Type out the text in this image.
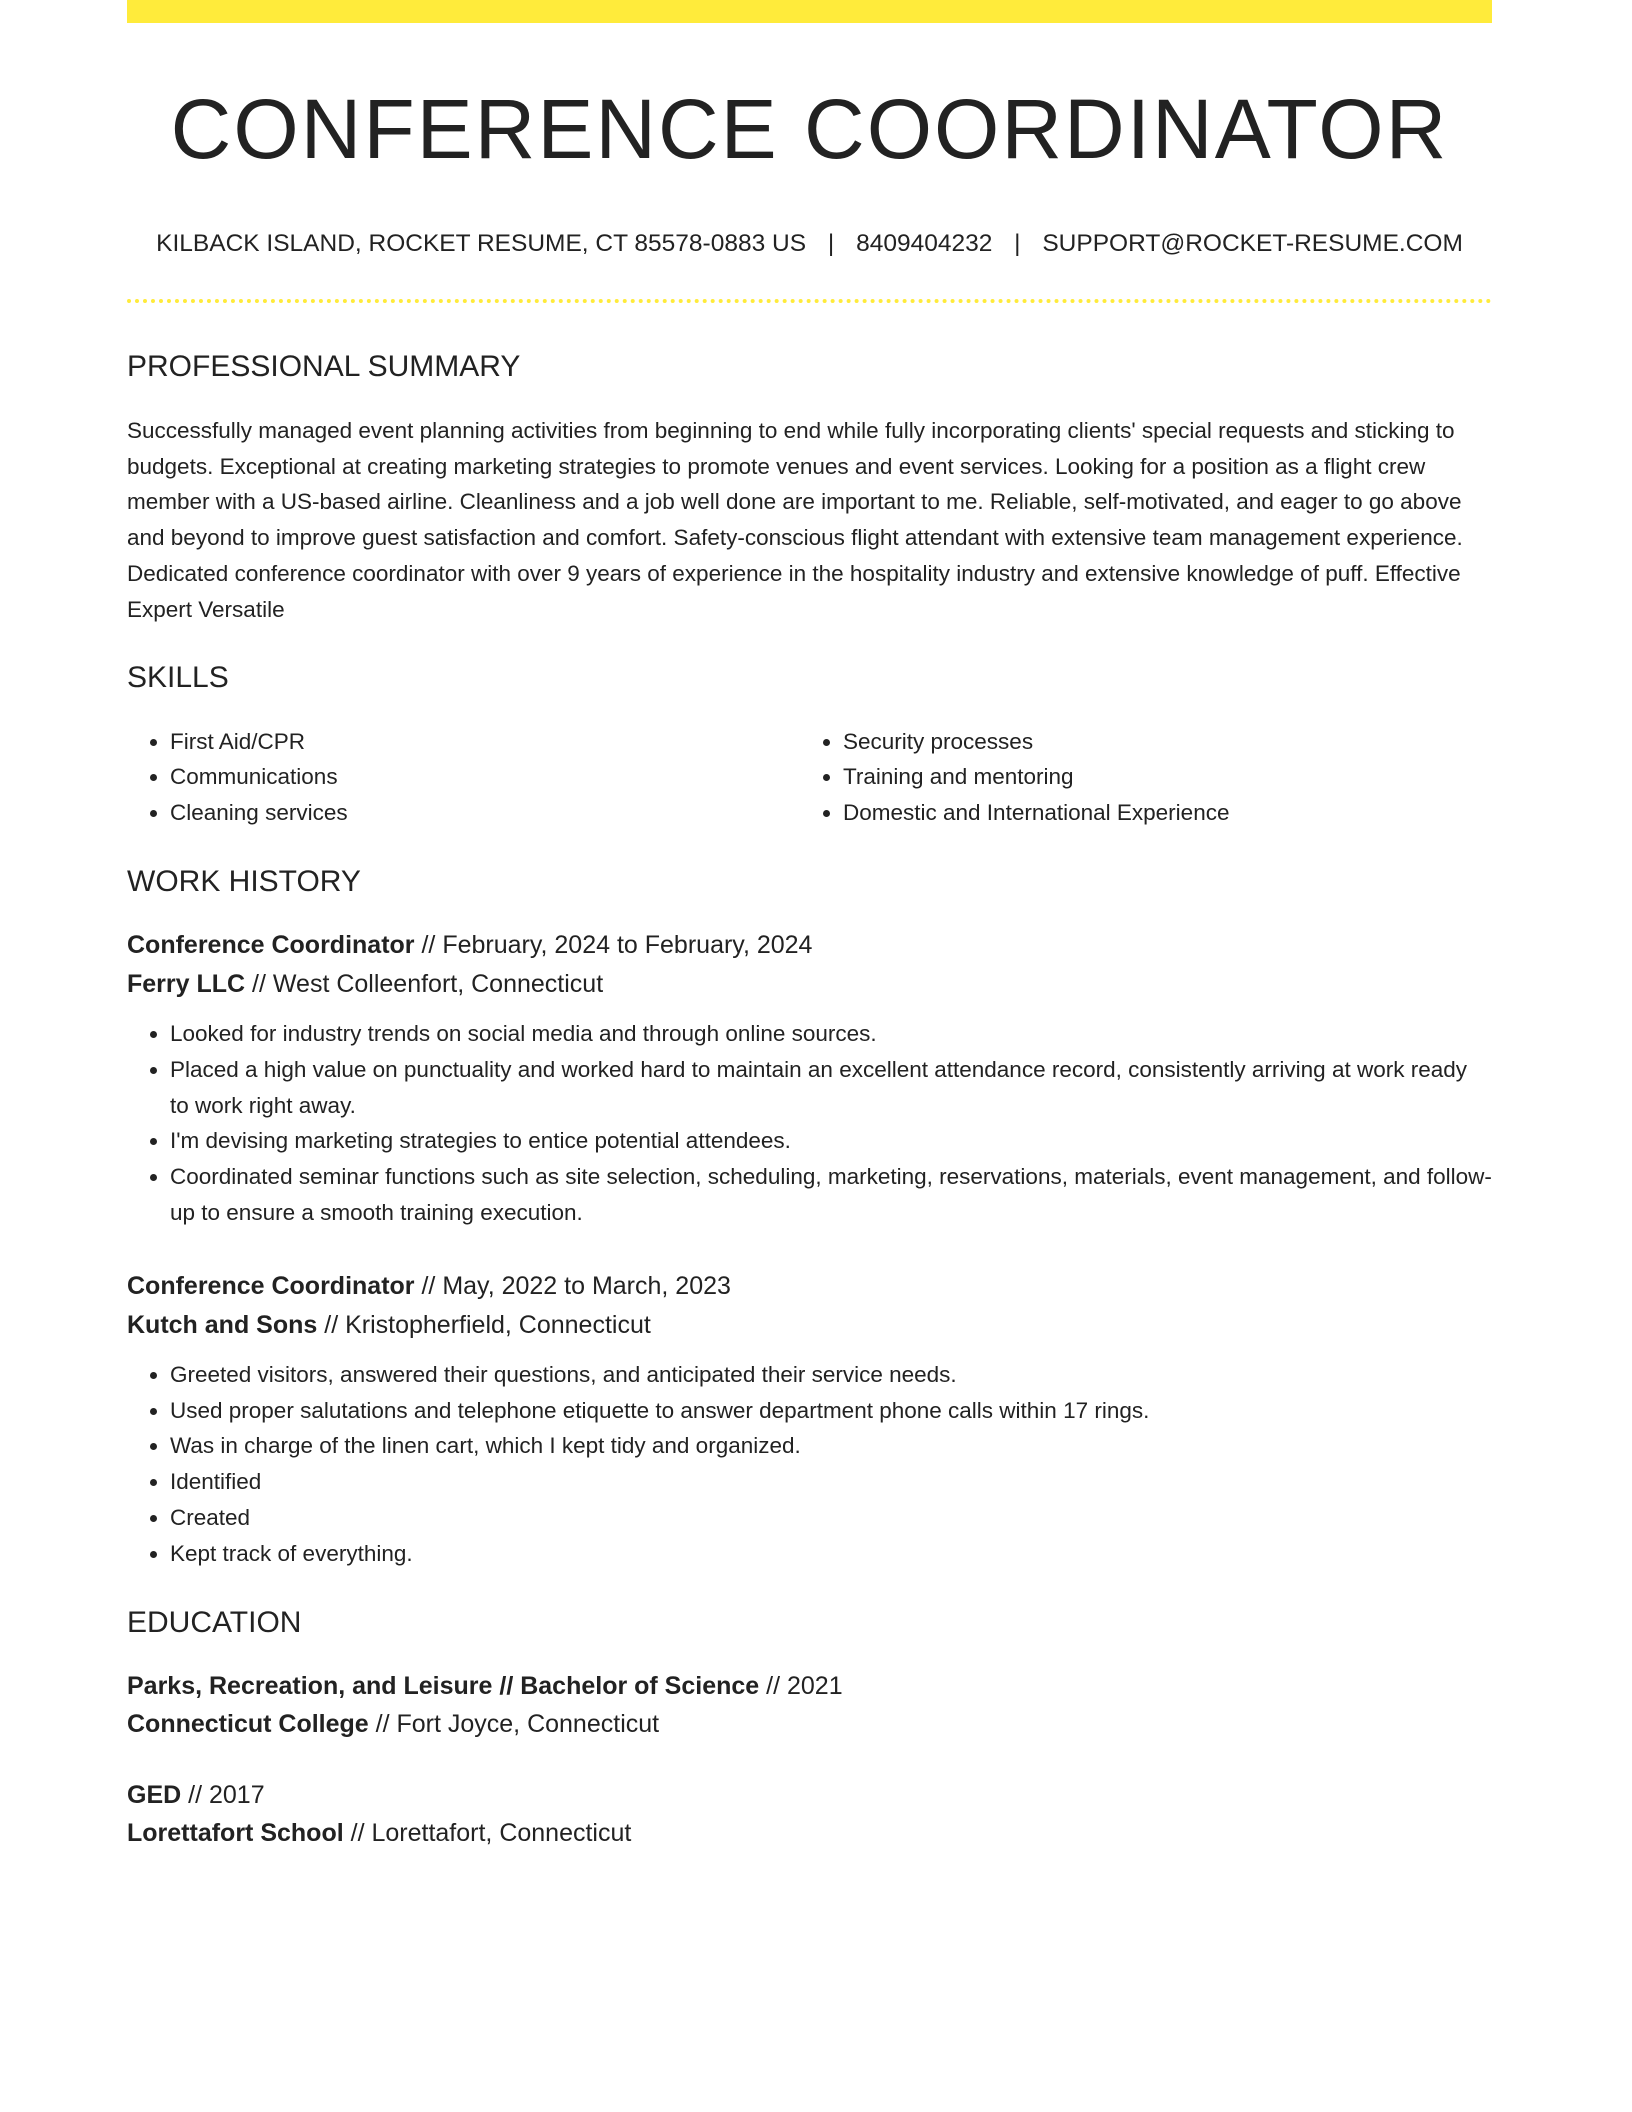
CONFERENCE COORDINATOR
KILBACK ISLAND, ROCKET RESUME, CT 85578-0883 US | 8409404232 | SUPPORT@ROCKET-RESUME.COM
PROFESSIONAL SUMMARY
Successfully managed event planning activities from beginning to end while fully incorporating clients' special requests and sticking to budgets. Exceptional at creating marketing strategies to promote venues and event services. Looking for a position as a flight crew member with a US-based airline. Cleanliness and a job well done are important to me. Reliable, self-motivated, and eager to go above and beyond to improve guest satisfaction and comfort. Safety-conscious flight attendant with extensive team management experience. Dedicated conference coordinator with over 9 years of experience in the hospitality industry and extensive knowledge of puff. Effective Expert Versatile
SKILLS
• First Aid/CPR
• Communications
• Cleaning services
• Security processes
• Training and mentoring
• Domestic and International Experience
WORK HISTORY
Conference Coordinator // February, 2024 to February, 2024
Ferry LLC // West Colleenfort, Connecticut
• Looked for industry trends on social media and through online sources.
• Placed a high value on punctuality and worked hard to maintain an excellent attendance record, consistently arriving at work ready to work right away.
• I'm devising marketing strategies to entice potential attendees.
• Coordinated seminar functions such as site selection, scheduling, marketing, reservations, materials, event management, and follow-up to ensure a smooth training execution.
Conference Coordinator // May, 2022 to March, 2023
Kutch and Sons // Kristopherfield, Connecticut
• Greeted visitors, answered their questions, and anticipated their service needs.
• Used proper salutations and telephone etiquette to answer department phone calls within 17 rings.
• Was in charge of the linen cart, which I kept tidy and organized.
• Identified
• Created
• Kept track of everything.
EDUCATION
Parks, Recreation, and Leisure // Bachelor of Science // 2021
Connecticut College // Fort Joyce, Connecticut
GED // 2017
Lorettafort School // Lorettafort, Connecticut
